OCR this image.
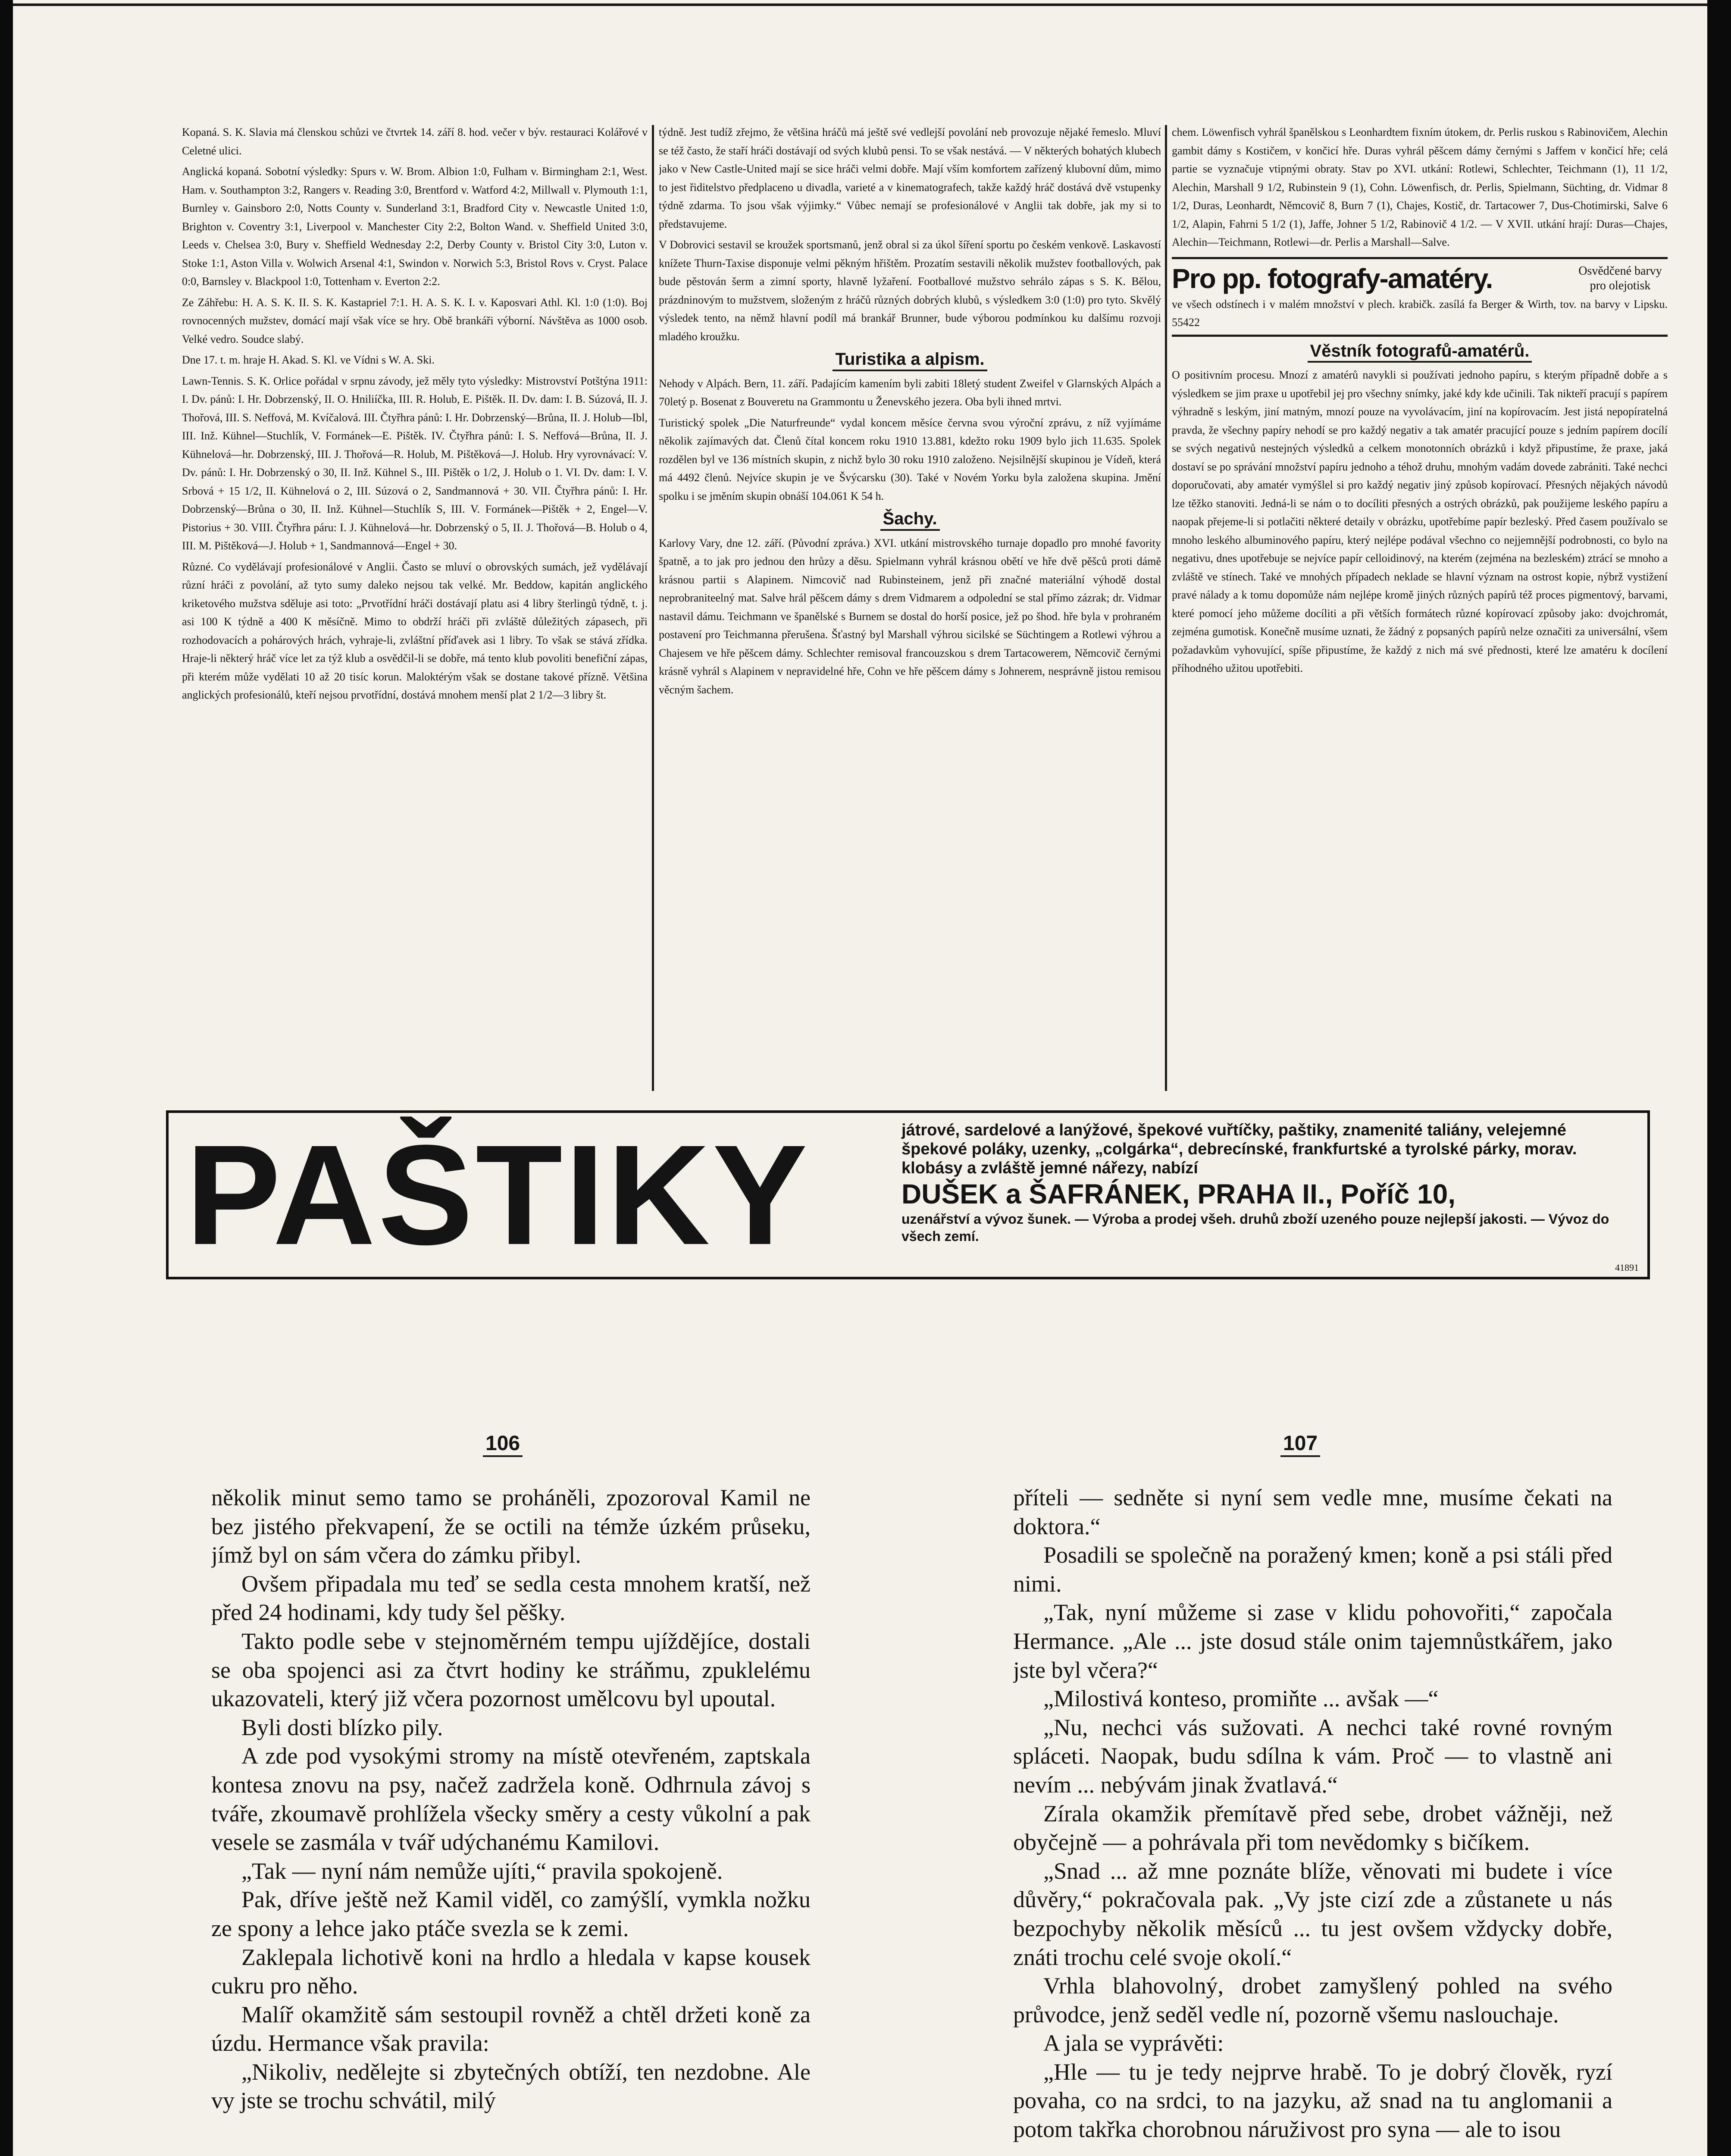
Kopaná. S. K. Slavia má členskou schůzi ve čtvrtek 14. září 8. hod. večer v býv. restauraci Kolářové v Celetné ulici.

Anglická kopaná. Sobotní výsledky: Spurs v. W. Brom. Albion 1:0, Fulham v. Birmingham 2:1, West. Ham. v. Southampton 3:2, Rangers v. Reading 3:0, Brentford v. Watford 4:2, Millwall v. Plymouth 1:1, Burnley v. Gainsboro 2:0, Notts County v. Sunderland 3:1, Bradford City v. Newcastle United 1:0, Brighton v. Coventry 3:1, Liverpool v. Manchester City 2:2, Bolton Wand. v. Sheffield United 3:0, Leeds v. Chelsea 3:0, Bury v. Sheffield Wednesday 2:2, Derby County v. Bristol City 3:0, Luton v. Stoke 1:1, Aston Villa v. Wolwich Arsenal 4:1, Swindon v. Norwich 5:3, Bristol Rovs v. Cryst. Palace 0:0, Barnsley v. Blackpool 1:0, Tottenham v. Everton 2:2.

Ze Záhřebu: H. A. S. K. II. S. K. Kastapriel 7:1. H. A. S. K. I. v. Kaposvari Athl. Kl. 1:0 (1:0). Boj rovnocenných mužstev, domácí mají však více se hry. Obě brankáři výborní. Návštěva as 1000 osob. Velké vedro. Soudce slabý.

Dne 17. t. m. hraje H. Akad. S. Kl. ve Vídni s W. A. Ski.

Lawn-Tennis. S. K. Orlice pořádal v srpnu závody, jež měly tyto výsledky: Mistrovství Potštýna 1911: I. Dv. pánů: I. Hr. Dobrzenský, II. O. Hniliíčka, III. R. Holub, E. Pištěk. II. Dv. dam: I. B. Súzová, II. J. Thořová, III. S. Neffová, M. Kvíčalová. III. Čtyřhra pánů: I. Hr. Dobrzenský—Brůna, II. J. Holub—Ibl, III. Inž. Kühnel—Stuchlík, V. Formánek—E. Pištěk. IV. Čtyřhra pánů: I. S. Neffová—Brůna, II. J. Kühnelová—hr. Dobrzenský, III. J. Thořová—R. Holub, M. Pištěková—J. Holub. Hry vyrovnávací: V. Dv. pánů: I. Hr. Dobrzenský o 30, II. Inž. Kühnel S., III. Pištěk o 1/2, J. Holub o 1. VI. Dv. dam: I. V. Srbová + 15 1/2, II. Kühnelová o 2, III. Súzová o 2, Sandmannová + 30. VII. Čtyřhra pánů: I. Hr. Dobrzenský—Brůna o 30, II. Inž. Kühnel—Stuchlík S, III. V. Formánek—Pištěk + 2, Engel—V. Pistorius + 30. VIII. Čtyřhra páru: I. J. Kühnelová—hr. Dobrzenský o 5, II. J. Thořová—B. Holub o 4, III. M. Pištěková—J. Holub + 1, Sandmannová—Engel + 30.

Různé. Co vydělávají profesionálové v Anglii. Často se mluví o obrovských sumách, jež vydělávají různí hráči z povolání, až tyto sumy daleko nejsou tak velké. Mr. Beddow, kapitán anglického kriketového mužstva sděluje asi toto: „Prvotřídní hráči dostávají platu asi 4 libry šterlingů týdně, t. j. asi 100 K týdně a 400 K měsíčně. Mimo to obdrží hráči při zvláště důležitých zápasech, při rozhodovacích a pohárových hrách, vyhraje-li, zvláštní příďavek asi 1 libry. To však se stává zřídka. Hraje-li některý hráč více let za týž klub a osvědčil-li se dobře, má tento klub povoliti benefiční zápas, při kterém může vydělati 10 až 20 tisíc korun. Maloktérým však se dostane takové přízně. Většina anglických profesionálů, kteří nejsou prvotřídní, dostává mnohem menší plat 2 1/2—3 libry št.

týdně. Jest tudíž zřejmo, že většina hráčů má ještě své vedlejší povolání neb provozuje nějaké řemeslo. Mluví se též často, že staří hráči dostávají od svých klubů pensi. To se však nestává. — V některých bohatých klubech jako v New Castle-United mají se sice hráči velmi dobře. Mají vším komfortem zařízený klubovní dům, mimo to jest řiditelstvo předplaceno u divadla, varieté a v kinematografech, takže každý hráč dostává dvě vstupenky týdně zdarma. To jsou však výjimky.“ Vůbec nemají se profesionálové v Anglii tak dobře, jak my si to představujeme.

V Dobrovici sestavil se kroužek sportsmanů, jenž obral si za úkol šíření sportu po českém venkově. Laskavostí knížete Thurn-Taxise disponuje velmi pěkným hřištěm. Prozatím sestavili několik mužstev footballových, pak bude pěstován šerm a zimní sporty, hlavně lyžaření. Footballové mužstvo sehrálo zápas s S. K. Bělou, prázdninovým to mužstvem, složeným z hráčů různých dobrých klubů, s výsledkem 3:0 (1:0) pro tyto. Skvělý výsledek tento, na němž hlavní podíl má brankář Brunner, bude výborou podmínkou ku dalšímu rozvoji mladého kroužku.

Turistika a alpism.

Nehody v Alpách. Bern, 11. září. Padajícím kamením byli zabiti 18letý student Zweifel v Glarnských Alpách a 70letý p. Bosenat z Bouveretu na Grammontu u Ženevského jezera. Oba byli ihned mrtvi.

Turistický spolek „Die Naturfreunde“ vydal koncem měsíce června svou výroční zprávu, z níž vyjímáme několik zajímavých dat. Členů čítal koncem roku 1910 13.881, kdežto roku 1909 bylo jich 11.635. Spolek rozdělen byl ve 136 místních skupin, z nichž bylo 30 roku 1910 založeno. Nejsilnější skupinou je Vídeň, která má 4492 členů. Nejvíce skupin je ve Švýcarsku (30). Také v Novém Yorku byla založena skupina. Jmění spolku i se jměním skupin obnáší 104.061 K 54 h.

Šachy.

Karlovy Vary, dne 12. září. (Původní zpráva.) XVI. utkání mistrovského turnaje dopadlo pro mnohé favority špatně, a to jak pro jednou den hrůzy a děsu. Spielmann vyhrál krásnou obětí ve hře dvě pěšců proti dámě krásnou partii s Alapinem. Nimcovič nad Rubinsteinem, jenž při značné materiální výhodě dostal neprobraniteelný mat. Salve hrál pěšcem dámy s drem Vidmarem a odpolední se stal přímo zázrak; dr. Vidmar nastavil dámu. Teichmann ve španělské s Burnem se dostal do horší posice, jež po šhod. hře byla v prohraném postavení pro Teichmanna přerušena. Šťastný byl Marshall výhrou sicilské se Süchtingem a Rotlewi výhrou a Chajesem ve hře pěšcem dámy. Schlechter remisoval francouzskou s drem Tartacowerem, Němcovič černými krásně vyhrál s Alapinem v nepravidelné hře, Cohn ve hře pěšcem dámy s Johnerem, nesprávně jistou remisou věcným šachem.

chem. Löwenfisch vyhrál španělskou s Leonhardtem fixním útokem, dr. Perlis ruskou s Rabinovičem, Alechin gambit dámy s Kostičem, v končicí hře. Duras vyhrál pěšcem dámy černými s Jaffem v končicí hře; celá partie se vyznačuje vtipnými obraty. Stav po XVI. utkání: Rotlewi, Schlechter, Teichmann (1), 11 1/2, Alechin, Marshall 9 1/2, Rubinstein 9 (1), Cohn. Löwenfisch, dr. Perlis, Spielmann, Süchting, dr. Vidmar 8 1/2, Duras, Leonhardt, Němcovič 8, Burn 7 (1), Chajes, Kostič, dr. Tartacower 7, Dus-Chotimirski, Salve 6 1/2, Alapin, Fahrni 5 1/2 (1), Jaffe, Johner 5 1/2, Rabinovič 4 1/2. — V XVII. utkání hrají: Duras—Chajes, Alechin—Teichmann, Rotlewi—dr. Perlis a Marshall—Salve.

Pro pp. fotografy-amatéry.	Osvědčené barvy pro olejotisk

ve všech odstínech i v malém množství v plech. krabičk. zasílá fa Berger & Wirth, tov. na barvy v Lipsku. 55422

Věstník fotografů-amatérů.

O positivním procesu. Mnozí z amatérů navykli si používati jednoho papíru, s kterým případně dobře a s výsledkem se jim praxe u upotřebil jej pro všechny snímky, jaké kdy kde učinili. Tak nikteří pracují s papírem výhradně s leským, jiní matným, mnozí pouze na vyvolávacím, jiní na kopírovacím. Jest jistá nepopíratelná pravda, že všechny papíry nehodí se pro každý negativ a tak amatér pracující pouze s jedním papírem docílí se svých negativů nestejných výsledků a celkem monotonních obrázků i když připustíme, že praxe, jaká dostaví se po správání množství papíru jednoho a téhož druhu, mnohým vadám dovede zabrániti. Také nechci doporučovati, aby amatér vymýšlel si pro každý negativ jiný způsob kopírovací. Přesných nějakých návodů lze těžko stanoviti. Jedná-li se nám o to docíliti přesných a ostrých obrázků, pak použijeme leského papíru a naopak přejeme-li si potlačiti některé detaily v obrázku, upotřebíme papír bezleský. Před časem používalo se mnoho leského albuminového papíru, který nejlépe podával všechno co nejjemnější podrobnosti, co bylo na negativu, dnes upotřebuje se nejvíce papír celloidinový, na kterém (zejména na bezleském) ztrácí se mnoho a zvláště ve stínech. Také ve mnohých případech neklade se hlavní význam na ostrost kopie, nýbrž vystižení pravé nálady a k tomu dopomůže nám nejlépe kromě jiných různých papírů též proces pigmentový, barvami, které pomocí jeho můžeme docíliti a při větších formátech různé kopírovací způsoby jako: dvojchromát, zejména gumotisk. Konečně musíme uznati, že žádný z popsaných papírů nelze označiti za universální, všem požadavkům vyhovující, spíše připustíme, že každý z nich má své přednosti, které lze amatéru k docílení příhodného užitou upotřebiti.

PAŠTIKY	játrové, sardelové a lanýžové, špekové vuřtíčky, paštiky, znamenité taliány, velejemné špekové poláky, uzenky, „colgárka“, debrecínské, frankfurtské a tyrolské párky, morav. klobásy a zvláště jemné nářezy, nabízí
DUŠEK a ŠAFRÁNEK, PRAHA II., Poříč 10,
uzenářství a vývoz šunek. — Výroba a prodej všeh. druhů zboží uzeného pouze nejlepší jakosti. — Vývoz do všech zemí.
41891
106	107

několik minut semo tamo se proháněli, zpozoroval Kamil ne bez jistého překvapení, že se octili na témže úzkém průseku, jímž byl on sám včera do zámku přibyl.

Ovšem připadala mu teď se sedla cesta mnohem kratší, než před 24 hodinami, kdy tudy šel pěšky.

Takto podle sebe v stejnoměrném tempu ujíždějíce, dostali se oba spojenci asi za čtvrt hodiny ke stráňmu, zpuklelému ukazovateli, který již včera pozornost umělcovu byl upoutal.

Byli dosti blízko pily.

A zde pod vysokými stromy na místě otevřeném, zaptskala kontesa znovu na psy, načež zadržela koně. Odhrnula závoj s tváře, zkoumavě prohlížela všecky směry a cesty vůkolní a pak vesele se zasmála v tvář udýchanému Kamilovi.

„Tak — nyní nám nemůže ujíti,“ pravila spokojeně.

Pak, dříve ještě než Kamil viděl, co zamýšlí, vymkla nožku ze spony a lehce jako ptáče svezla se k zemi.

Zaklepala lichotivě koni na hrdlo a hledala v kapse kousek cukru pro něho.

Malíř okamžitě sám sestoupil rovněž a chtěl držeti koně za úzdu. Hermance však pravila:

„Nikoliv, nedělejte si zbytečných obtíží, ten nezdobne. Ale vy jste se trochu schvátil, milý

příteli — sedněte si nyní sem vedle mne, musíme čekati na doktora.“

Posadili se společně na poražený kmen; koně a psi stáli před nimi.

„Tak, nyní můžeme si zase v klidu pohovořiti,“ započala Hermance. „Ale ... jste dosud stále onim tajemnůstkářem, jako jste byl včera?“

„Milostivá konteso, promiňte ... avšak —“

„Nu, nechci vás sužovati. A nechci také rovné rovným spláceti. Naopak, budu sdílna k vám. Proč — to vlastně ani nevím ... nebývám jinak žvatlavá.“

Zírala okamžik přemítavě před sebe, drobet vážněji, než obyčejně — a pohrávala při tom nevědomky s bičíkem.

„Snad ... až mne poznáte blíže, věnovati mi budete i více důvěry,“ pokračovala pak. „Vy jste cizí zde a zůstanete u nás bezpochyby několik měsíců ... tu jest ovšem vždycky dobře, znáti trochu celé svoje okolí.“

Vrhla blahovolný, drobet zamyšlený pohled na svého průvodce, jenž seděl vedle ní, pozorně všemu naslouchaje.

A jala se vyprávěti:

„Hle — tu je tedy nejprve hrabě. To je dobrý člověk, ryzí povaha, co na srdci, to na jazyku, až snad na tu anglomanii a potom takřka chorobnou náruživost pro syna — ale to isou
